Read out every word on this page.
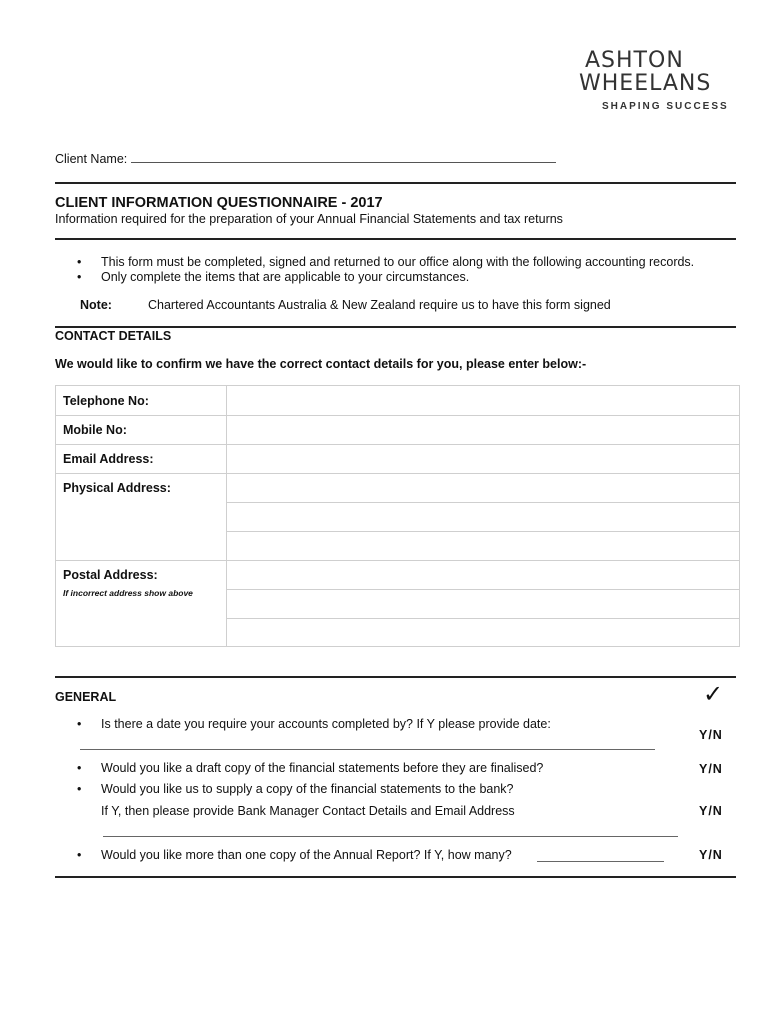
ASHTON
WHEELANS
SHAPING SUCCESS
Client Name:
CLIENT INFORMATION QUESTIONNAIRE - 2017
Information required for the preparation of your Annual Financial Statements and tax returns
• This form must be completed, signed and returned to our office along with the following accounting records.
• Only complete the items that are applicable to your circumstances.
Note:	Chartered Accountants Australia & New Zealand require us to have this form signed
CONTACT DETAILS
We would like to confirm we have the correct contact details for you, please enter below:-
Telephone No:
Mobile No:
Email Address:
Physical Address:
Postal Address:
If incorrect address show above
GENERAL	✓
• Is there a date you require your accounts completed by? If Y please provide date:
Y/N
• Would you like a draft copy of the financial statements before they are finalised?	Y/N
• Would you like us to supply a copy of the financial statements to the bank?
If Y, then please provide Bank Manager Contact Details and Email Address	Y/N
• Would you like more than one copy of the Annual Report? If Y, how many?	Y/N
